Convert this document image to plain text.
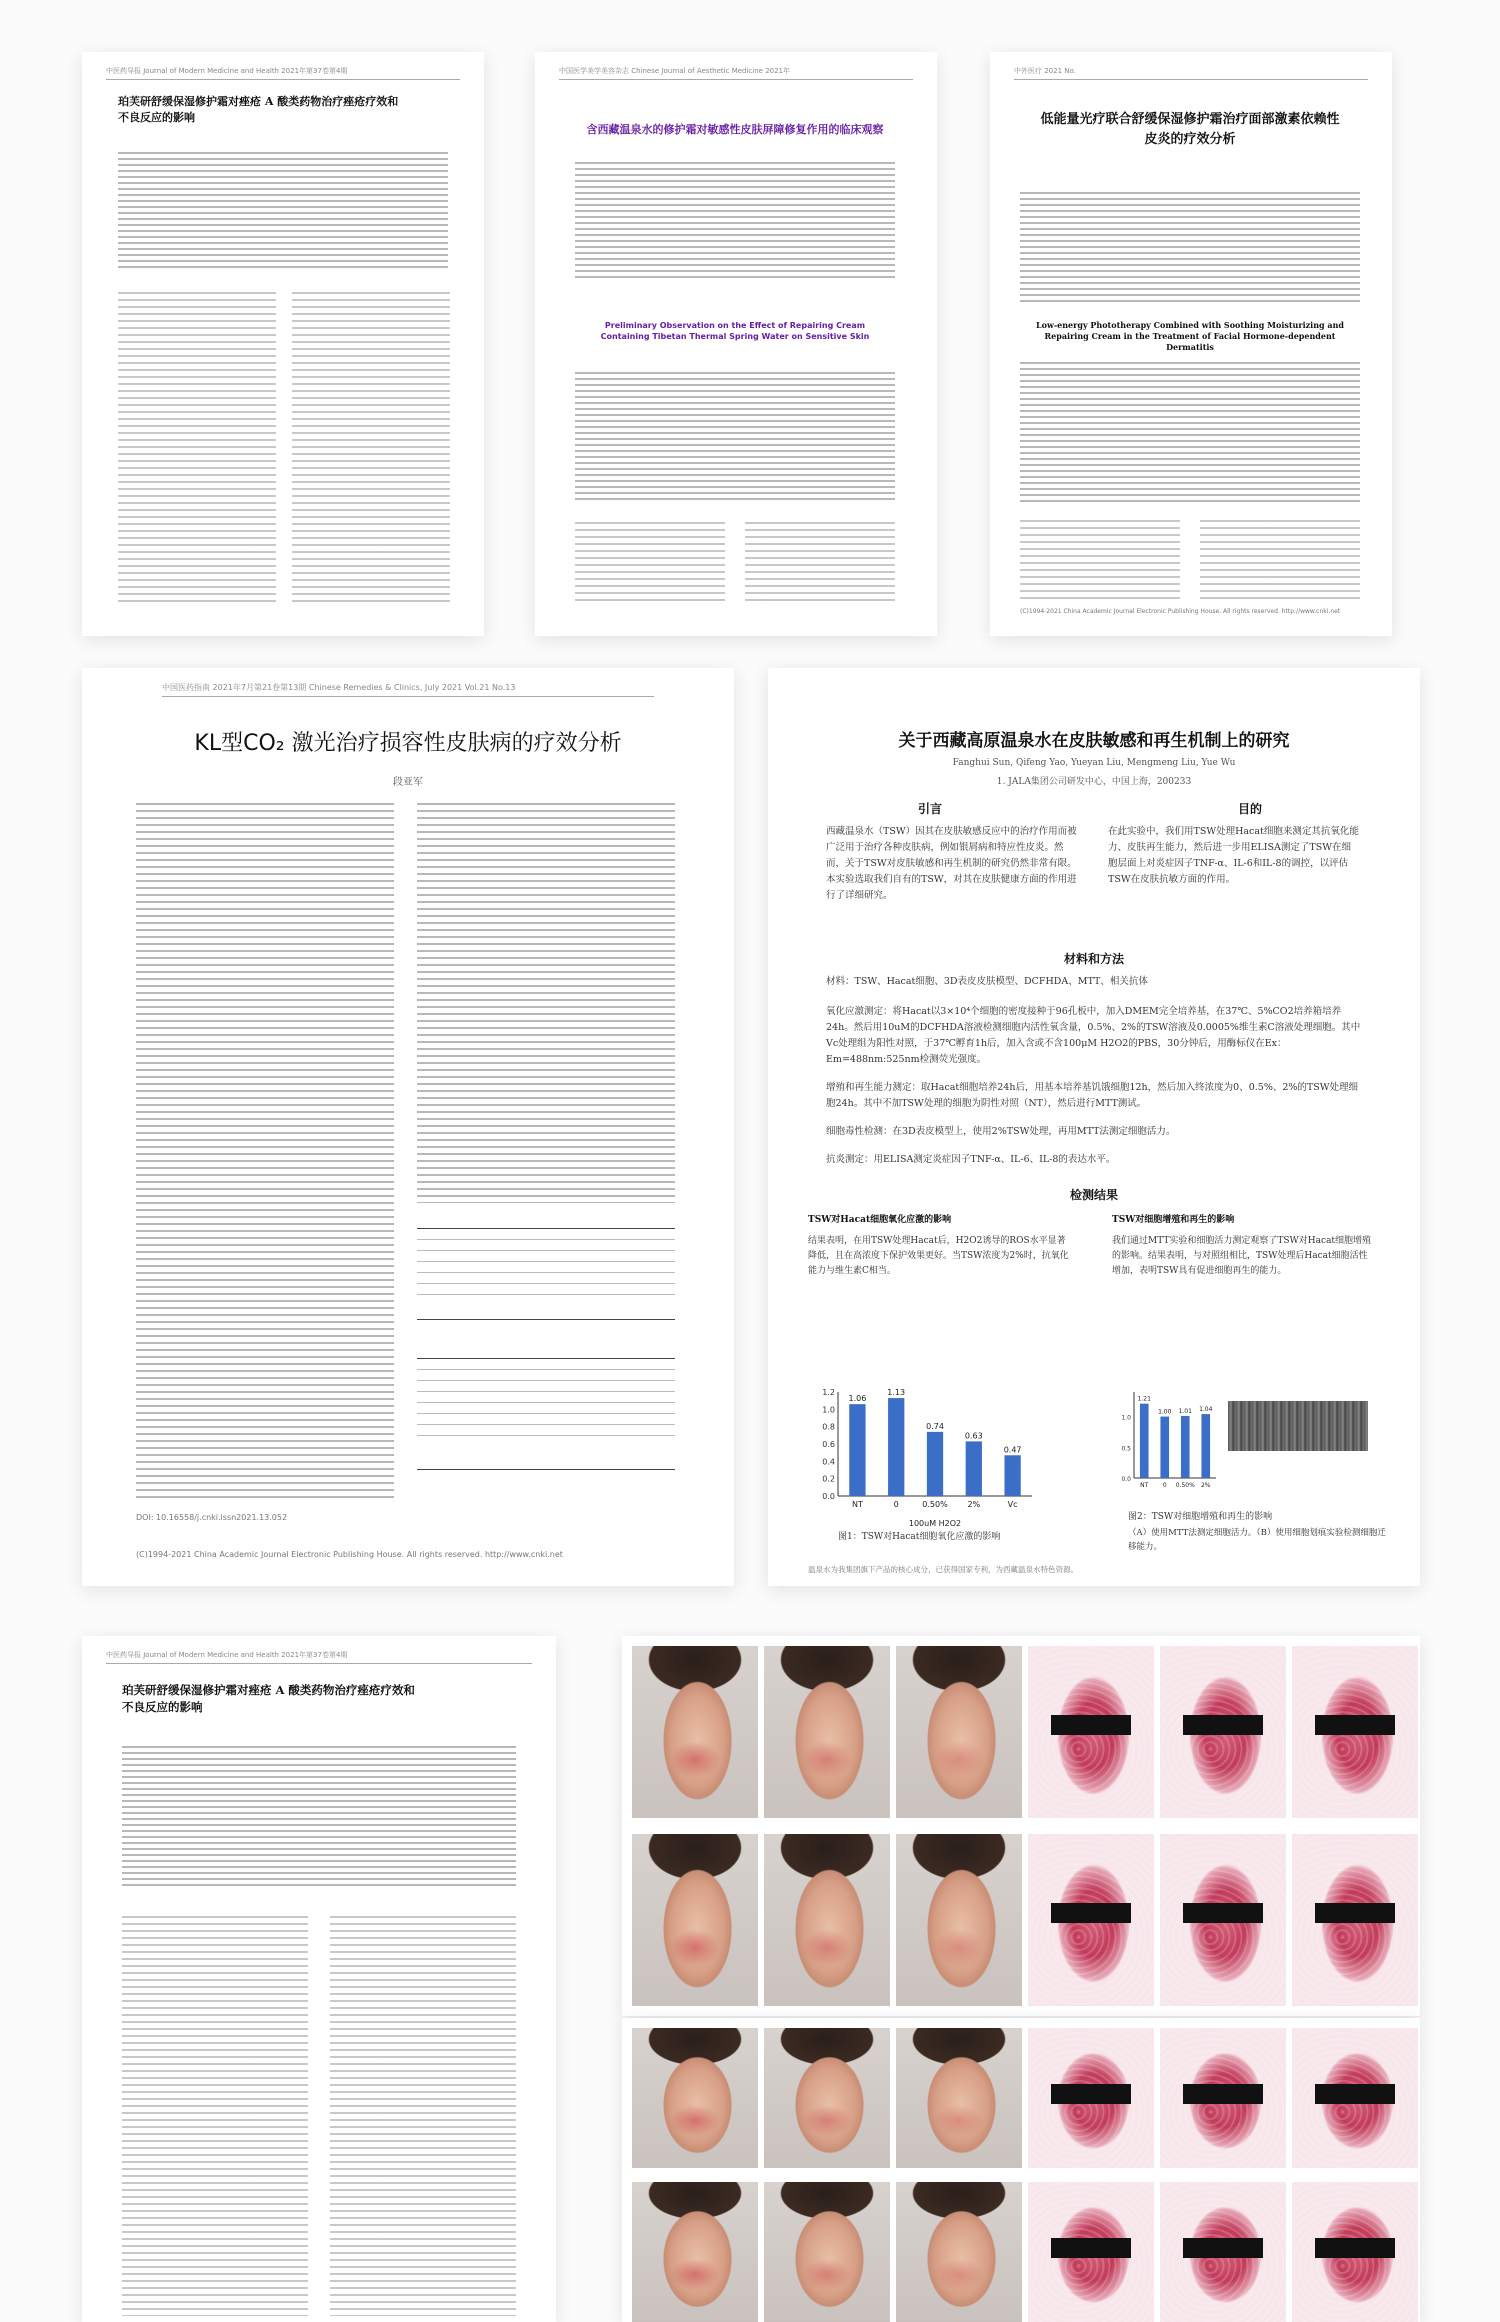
中医药导报 Journal of Modern Medicine and Health 2021年第37卷第4期
珀芙研舒缓保湿修护霜对痤疮 A 酸类药物治疗痤疮疗效和不良反应的影响
中国医学美学美容杂志 Chinese Journal of Aesthetic Medicine 2021年
含西藏温泉水的修护霜对敏感性皮肤屏障修复作用的临床观察
Preliminary Observation on the Effect of Repairing Cream Containing Tibetan Thermal Spring Water on Sensitive Skin
中外医疗 2021 No.
低能量光疗联合舒缓保湿修护霜治疗面部激素依赖性皮炎的疗效分析
Low-energy Phototherapy Combined with Soothing Moisturizing and Repairing Cream in the Treatment of Facial Hormone-dependent Dermatitis
(C)1994-2021 China Academic Journal Electronic Publishing House. All rights reserved. http://www.cnki.net
中国医药指南 2021年7月第21卷第13期 Chinese Remedies & Clinics, July 2021 Vol.21 No.13
KL型CO₂ 激光治疗损容性皮肤病的疗效分析
段亚军
DOI: 10.16558/j.cnki.issn2021.13.052
(C)1994-2021 China Academic Journal Electronic Publishing House. All rights reserved. http://www.cnki.net
关于西藏高原温泉水在皮肤敏感和再生机制上的研究
Fanghui Sun, Qifeng Yao, Yueyan Liu, Mengmeng Liu, Yue Wu
1. JALA集团公司研发中心，中国上海，200233
引言	目的
西藏温泉水（TSW）因其在皮肤敏感反应中的治疗作用而被广泛用于治疗各种皮肤病，例如银屑病和特应性皮炎。然而，关于TSW对皮肤敏感和再生机制的研究仍然非常有限。本实验选取我们自有的TSW，对其在皮肤健康方面的作用进行了详细研究。
在此实验中，我们用TSW处理Hacat细胞来测定其抗氧化能力、皮肤再生能力，然后进一步用ELISA测定了TSW在细胞层面上对炎症因子TNF-α、IL-6和IL-8的调控，以评估TSW在皮肤抗敏方面的作用。
材料和方法
材料：TSW、Hacat细胞、3D表皮皮肤模型、DCFHDA、MTT、相关抗体
氧化应激测定：将Hacat以3×10⁴个细胞的密度接种于96孔板中，加入DMEM完全培养基，在37℃、5%CO2培养箱培养24h。然后用10uM的DCFHDA溶液检测细胞内活性氧含量，0.5%、2%的TSW溶液及0.0005%维生素C溶液处理细胞。其中Vc处理组为阳性对照，于37℃孵育1h后，加入含或不含100μM H2O2的PBS，30分钟后，用酶标仪在Ex：Em=488nm:525nm检测荧光强度。
增殖和再生能力测定：取Hacat细胞培养24h后，用基本培养基饥饿细胞12h，然后加入终浓度为0、0.5%、2%的TSW处理细胞24h。其中不加TSW处理的细胞为阴性对照（NT），然后进行MTT测试。
细胞毒性检测：在3D表皮模型上，使用2%TSW处理，再用MTT法测定细胞活力。
抗炎测定：用ELISA测定炎症因子TNF-α、IL-6、IL-8的表达水平。
检测结果
TSW对Hacat细胞氧化应激的影响	TSW对细胞增殖和再生的影响
结果表明，在用TSW处理Hacat后，H2O2诱导的ROS水平显著降低，且在高浓度下保护效果更好。当TSW浓度为2%时，抗氧化能力与维生素C相当。
我们通过MTT实验和细胞活力测定观察了TSW对Hacat细胞增殖的影响。结果表明，与对照组相比，TSW处理后Hacat细胞活性增加，表明TSW具有促进细胞再生的能力。
0.0
0.2
0.4
0.6
0.8
1.0
1.2
1.06
NT
1.13
0
0.74
0.50%
0.63
2%
0.47
Vc
100uM H2O2
0.0
0.5
1.0
1.21
NT
1.00
0
1.01
0.50%
1.04
2%
图1：TSW对Hacat细胞氧化应激的影响
图2：TSW对细胞增殖和再生的影响
（A）使用MTT法测定细胞活力。（B）使用细胞划痕实验检测细胞迁移能力。
温泉水为我集团旗下产品的核心成分，已获得国家专利，为西藏温泉水特色资源。
中医药导报 Journal of Modern Medicine and Health 2021年第37卷第4期
珀芙研舒缓保湿修护霜对痤疮 A 酸类药物治疗痤疮疗效和不良反应的影响
